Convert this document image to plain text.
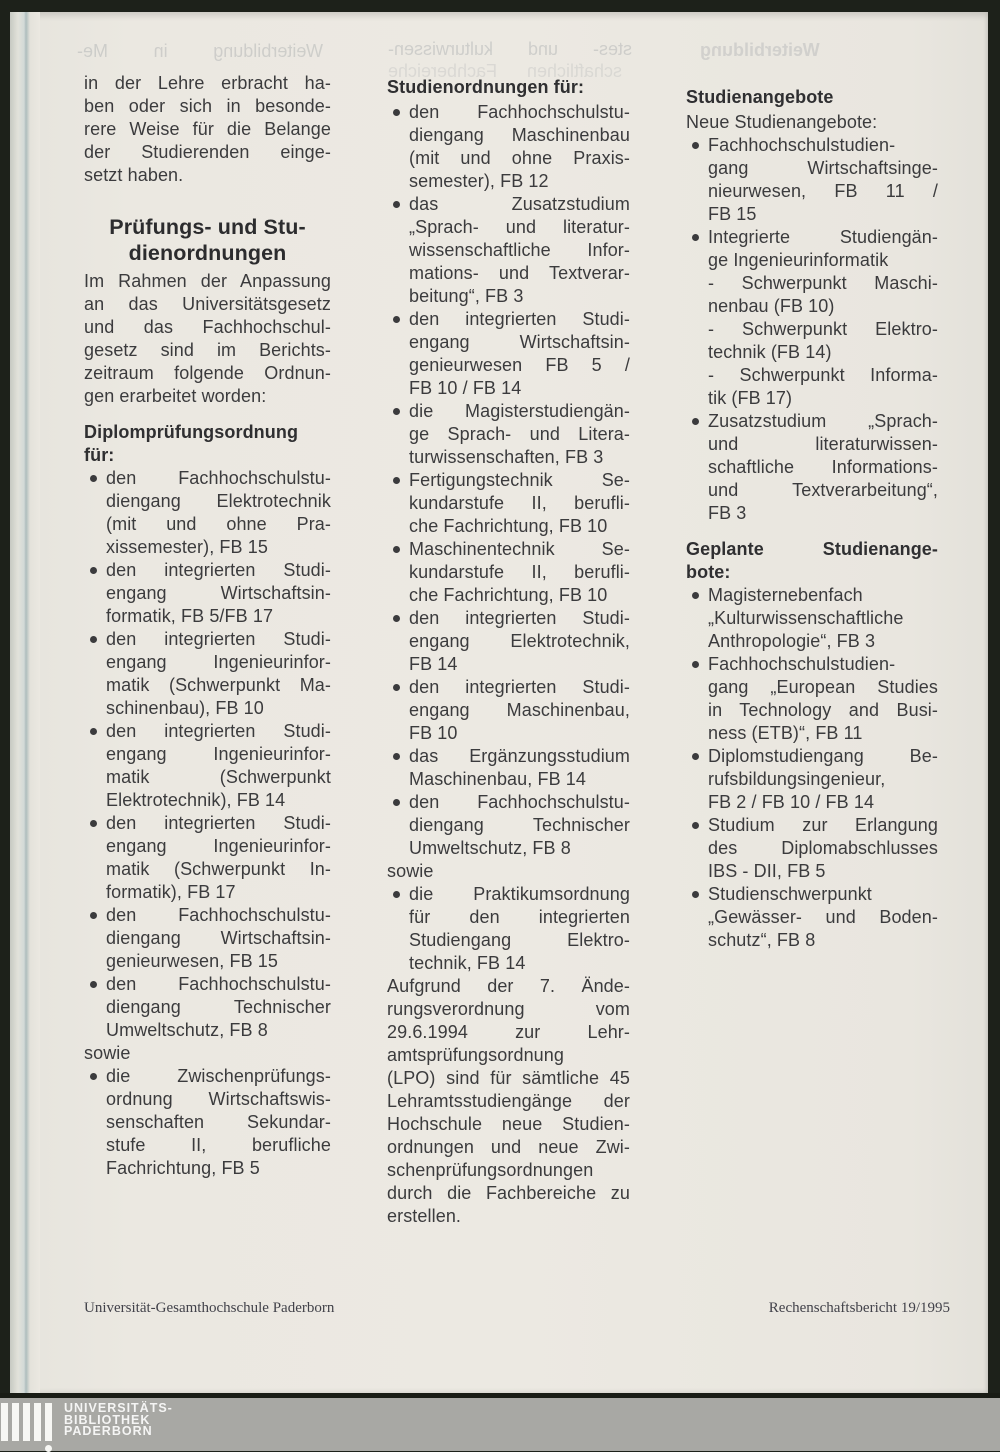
Weiterbildung in Me-	stes- und kulturwissen-
schaftlichen Fachbereiche
Weiterbildung
in der Lehre erbracht ha-
ben oder sich in besonde-
rere Weise für die Belange
der Studierenden einge-
setzt haben.
Prüfungs- und Stu-
dienordnungen
Im Rahmen der Anpassung
an das Universitätsgesetz
und das Fachhochschul-
gesetz sind im Berichts-
zeitraum folgende Ordnun-
gen erarbeitet worden:
Diplomprüfungsordnung
für:
den Fachhochschulstu-
diengang Elektrotechnik
(mit und ohne Pra-
xissemester), FB 15
den integrierten Studi-
engang Wirtschaftsin-
formatik, FB 5/FB 17
den integrierten Studi-
engang Ingenieurinfor-
matik (Schwerpunkt Ma-
schinenbau), FB 10
den integrierten Studi-
engang Ingenieurinfor-
matik (Schwerpunkt
Elektrotechnik), FB 14
den integrierten Studi-
engang Ingenieurinfor-
matik (Schwerpunkt In-
formatik), FB 17
den Fachhochschulstu-
diengang Wirtschaftsin-
genieurwesen, FB 15
den Fachhochschulstu-
diengang Technischer
Umweltschutz, FB 8
sowie
die Zwischenprüfungs-
ordnung Wirtschaftswis-
senschaften Sekundar-
stufe II, berufliche
Fachrichtung, FB 5
Studienordnungen für:
den Fachhochschulstu-
diengang Maschinenbau
(mit und ohne Praxis-
semester), FB 12
das Zusatzstudium
„Sprach- und literatur-
wissenschaftliche Infor-
mations- und Textverar-
beitung“, FB 3
den integrierten Studi-
engang Wirtschaftsin-
genieurwesen FB 5 /
FB 10 / FB 14
die Magisterstudiengän-
ge Sprach- und Litera-
turwissenschaften, FB 3
Fertigungstechnik Se-
kundarstufe II, berufli-
che Fachrichtung, FB 10
Maschinentechnik Se-
kundarstufe II, berufli-
che Fachrichtung, FB 10
den integrierten Studi-
engang Elektrotechnik,
FB 14
den integrierten Studi-
engang Maschinenbau,
FB 10
das Ergänzungsstudium
Maschinenbau, FB 14
den Fachhochschulstu-
diengang Technischer
Umweltschutz, FB 8
sowie
die Praktikumsordnung
für den integrierten
Studiengang Elektro-
technik, FB 14
Aufgrund der 7. Ände-
rungsverordnung vom
29.6.1994 zur Lehr-
amtsprüfungsordnung
(LPO) sind für sämtliche 45
Lehramtsstudiengänge der
Hochschule neue Studien-
ordnungen und neue Zwi-
schenprüfungsordnungen
durch die Fachbereiche zu
erstellen.
Studienangebote
Neue Studienangebote:
Fachhochschulstudien-
gang Wirtschaftsinge-
nieurwesen, FB 11 /
FB 15
Integrierte Studiengän-
ge Ingenieurinformatik
- Schwerpunkt Maschi-
nenbau (FB 10)
- Schwerpunkt Elektro-
technik (FB 14)
- Schwerpunkt Informa-
tik (FB 17)
Zusatzstudium „Sprach-
und literaturwissen-
schaftliche Informations-
und Textverarbeitung“,
FB 3
Geplante Studienange-
bote:
Magisternebenfach
„Kulturwissenschaftliche
Anthropologie“, FB 3
Fachhochschulstudien-
gang „European Studies
in Technology and Busi-
ness (ETB)“, FB 11
Diplomstudiengang Be-
rufsbildungsingenieur,
FB 2 / FB 10 / FB 14
Studium zur Erlangung
des Diplomabschlusses
IBS - DII, FB 5
Studienschwerpunkt
„Gewässer- und Boden-
schutz“, FB 8
Universität-Gesamthochschule Paderborn	Rechenschaftsbericht 19/1995
UNIVERSITÄTS-
BIBLIOTHEK
PADERBORN
